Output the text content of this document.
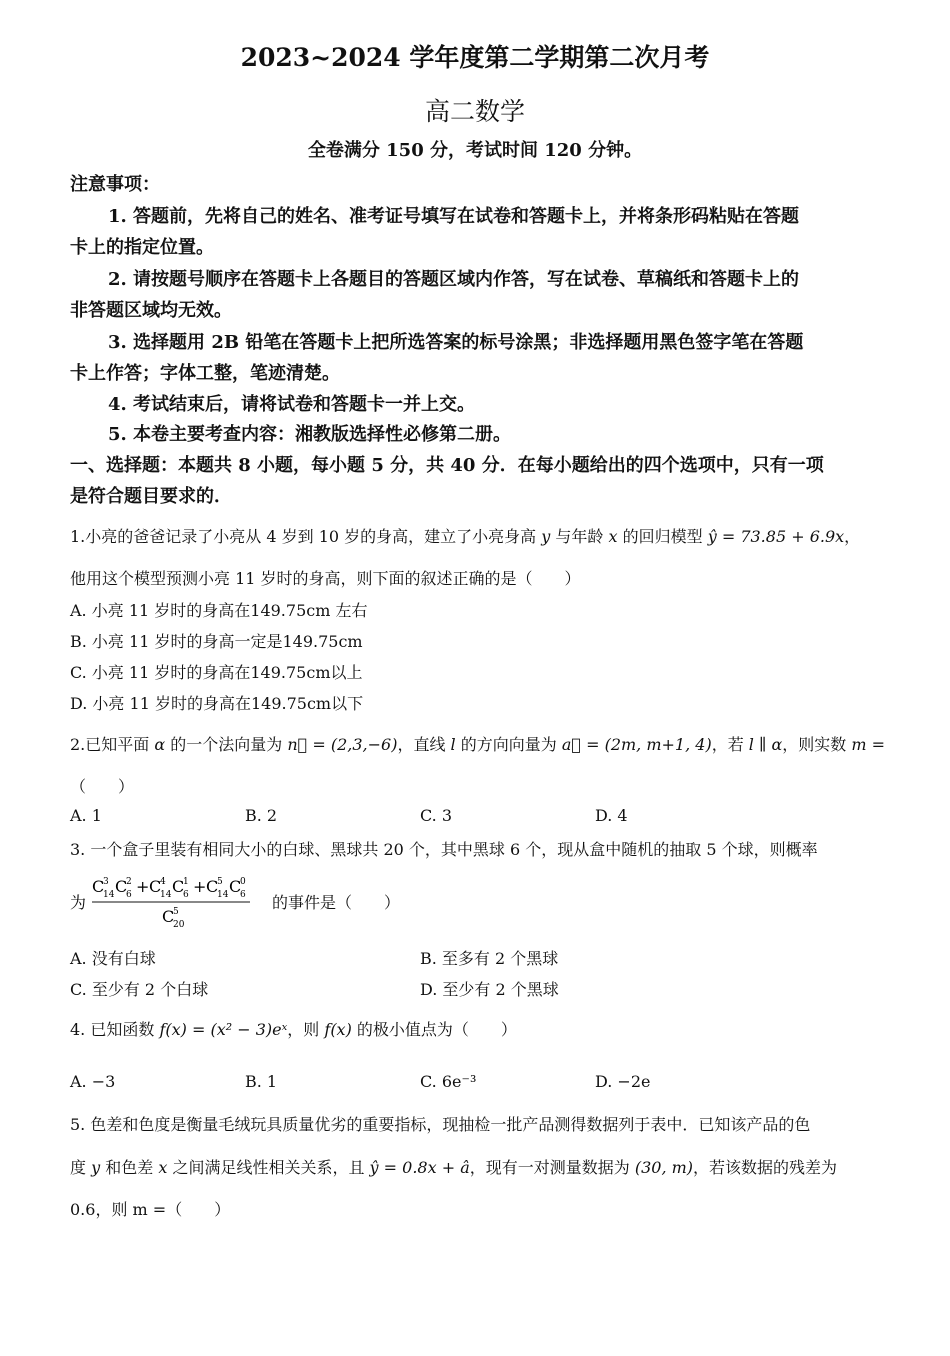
2023~2024 学年度第二学期第二次月考
高二数学
全卷满分 150 分，考试时间 120 分钟。
注意事项：
1. 答题前，先将自己的姓名、准考证号填写在试卷和答题卡上，并将条形码粘贴在答题
卡上的指定位置。
2. 请按题号顺序在答题卡上各题目的答题区域内作答，写在试卷、草稿纸和答题卡上的
非答题区域均无效。
3. 选择题用 2B 铅笔在答题卡上把所选答案的标号涂黑；非选择题用黑色签字笔在答题
卡上作答；字体工整，笔迹清楚。
4. 考试结束后，请将试卷和答题卡一并上交。
5. 本卷主要考查内容：湘教版选择性必修第二册。
一、选择题：本题共 8 小题，每小题 5 分，共 40 分．在每小题给出的四个选项中，只有一项
是符合题目要求的．
1.小亮的爸爸记录了小亮从 4 岁到 10 岁的身高，建立了小亮身高 y 与年龄 x 的回归模型 ŷ = 73.85 + 6.9x，
他用这个模型预测小亮 11 岁时的身高，则下面的叙述正确的是（　　）
A. 小亮 11 岁时的身高在149.75cm 左右
B. 小亮 11 岁时的身高一定是149.75cm
C. 小亮 11 岁时的身高在149.75cm以上
D. 小亮 11 岁时的身高在149.75cm以下
2.已知平面 α 的一个法向量为 n⃗ = (2,3,−6)，直线 l 的方向向量为 a⃗ = (2m, m+1, 4)，若 l ∥ α，则实数 m =
（　　）
A. 1	B. 2	C. 3	D. 4
3. 一个盒子里装有相同大小的白球、黑球共 20 个，其中黑球 6 个，现从盒中随机的抽取 5 个球，则概率
为
C
3
14 C
2
6 + C
4
14 C
1
6 + C
5
14 C
0
6
C
5
20
的事件是（　　）
A. 没有白球	B. 至多有 2 个黑球
C. 至少有 2 个白球	D. 至少有 2 个黑球
4. 已知函数 f(x) = (x² − 3)eˣ，则 f(x) 的极小值点为（　　）
A. −3	B. 1	C. 6e⁻³	D. −2e
5. 色差和色度是衡量毛绒玩具质量优劣的重要指标，现抽检一批产品测得数据列于表中．已知该产品的色
度 y 和色差 x 之间满足线性相关关系，且 ŷ = 0.8x + â，现有一对测量数据为 (30, m)，若该数据的残差为
0.6，则 m =（　　）
